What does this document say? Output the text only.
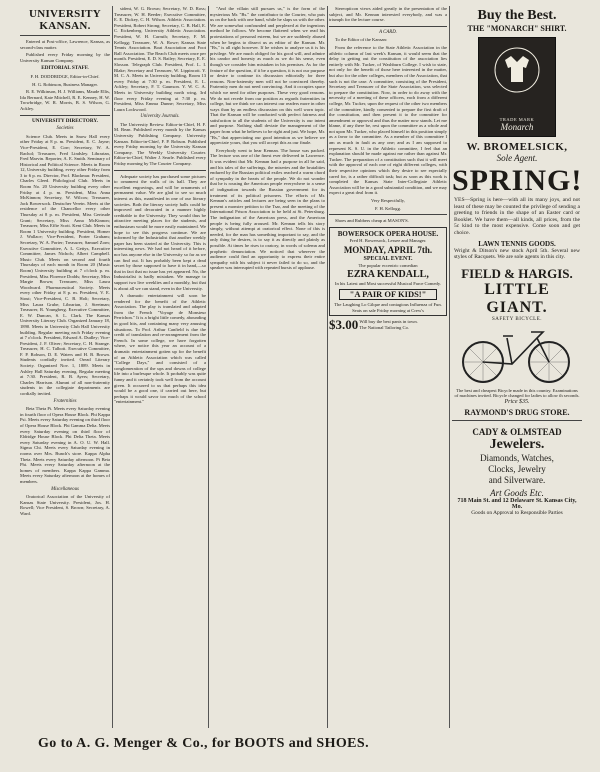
UNIVERSITY KANSAN.

Entered at Post-office, Lawrence, Kansas, as second-class matter.

Published every Friday morning by the University Kansan Company.

EDITORIAL STAFF.

F. H. DODDRIDGE, Editor-in-Chief.

H. G. Robinson, Business Manager.

R. E. Wilkinson, H. J. Williams, Maude Ellis, Ida Bernard, Kate Mitchell, R. E. Kenney, H. W. Trowbridge, W. R. Morris, B. S. Wilson, G. Ackley.

UNIVERSITY DIRECTORY.
Societies

Science Club. Meets in Snow Hall every other Friday at 8 p. m. President, E. C. Jayne; Vice-President, E. Corr; Secretary, W. A. Rachol; Treasurer, Fred Lindsley. Librarian, Fred Marvin. Reporter, A. E. Smith. Seminary of Historical and Political Science. Meets in Room 12, University building, every other Friday from 3 to 6 p. m. Director, Prof. Blackmar. President, Charles Gleed. Philological Club. Meets in Room No. 20 University building every other Friday at 4 p. m. President, Miss Anna McKinnon; Secretary, W. Wilcox; Treasurer, Jack Bowersock. Deutscher Verein. Meets at the residence of the Chancellor every other Thursday at 8 p. m. President, Miss Gertrude Grant; Secretary, Miss Anna McKinnon; Treasurer, Miss Effie Scott. Kent Club. Meets in Room 1 University building. President, Homer J. Wallace; Vice-President, Porter Graham; Secretary, W. A. Porter; Treasurer, Samuel Zorn; Executive Committee, A. L. Gettys, Executive Committee, James Nichols; Albert Campbell. Music Club. Meets on second and fourth Thursdays of each month in Room 20 (Music Room) University building at 7 o'clock p. m. President, Miss Florence Dodds; Secretary, Miss Margie Brown; Treasurer, Miss Laura Woodward. Pharmaceutical Society. Meets every other Friday at 8 p. m. President, V. E. Stout; Vice-President, C. B. Holt; Secretary, Miss Laura Grube, Librarian, J. Steetman; Treasurer, R. Youngberg. Executive Committee, E. W. Duncan, S. L. Clark. The Kansas University Literary Club. Organized January 18, 1890. Meets in University Club Hall University building. Regular meeting each Friday evening at 7 o'clock. President, Edward A. Dudley; Vice-President, J. F. Oliver; Secretary, C. H. Strange. Treasurer, H. C. Talbott. Executive Committee, F. P. Robson, D. E. Waters and H. B. Brown. Students cordially invited. Oread Literary Society. Organized Nov. 1, 1889. Meets in Ashley Hall Saturday evening. Regular meeting at 7:30. President, R. B. Ayers; Secretary, Charles Harrison. Alumni of all non-fraternity students in the collegiate departments are cordially invited.

Fraternities

Beta Theta Pi. Meets every Saturday evening in fourth floor of Opera House Block. Phi Kappa Psi. Meets every Saturday evening on third floor of Opera House Block. Phi Gamma Delta. Meets every Saturday evening on third floor of Eldridge House Block. Phi Delta Theta. Meets every Saturday evening in A. O. U. W. Hall. Sigma Chi. Meets every Saturday evening in rooms over Mrs. Bunch's store. Kappa Alpha Theta. Meets every Saturday afternoon. Pi Beta Phi. Meets every Saturday afternoon at the homes of members. Kappa Kappa Gamma. Meets every Saturday afternoon at the homes of members.

Miscellaneous

Oratorical Association of the University of Kansas State University. President, Jos. H. Rowell; Vice President, S. Brown; Secretary, A. Ward.

sident, W. G. Brown; Secretary, W. D. Ross; Treasurer, W. H. Beeder; Executive Committee, E. E. Dickey, C. H. Wilson. Athletic Association. President, Robert Strong; Secretary, C. B. Hall, E. C. Eickenberg. University Athletic Association. President, W. H. Carruth; Secretary, F. M. Kellogg; Treasurer, W. A. Rowe; Kansas State Tennis Association. Boat Association and Foot Ball Association. The Beach Club meets once per month. President, E. D. S. Bailey; Secretary, E. E. Slosson. Telegraph Club. President, Prof. L. I. Blake; Secretary and Treasurer, W. Lippincott. Y. M. C. A. Meets in University building, Room 13 every Friday at 7:30 p. m. President, E. L. Ackley; Secretary, F. T. Gaunson. Y. W. C. A. Meets in University building north wing, 3rd floor every Friday evening at 7:30 p. m. President, Miss Emma Dunne; Secretary, Miss Laura Lockwood.

University Journals.

The University Review. Editor-in-Chief, H. F. M. Bean. Published every month by the Kansas University Publishing Company. University Kansan. Editor-in-Chief, F. P. Robson. Published every Friday morning by the University Kansan Company. The Weekly University Courier. Editor-in-Chief, Walter J. Searle. Published every Friday morning by The Courier Company.

Adequate society has purchased some pictures to ornament the walls of its hall. They are excellent engravings, and will be ornaments of permanent value. We are glad to see so much interest as this, manifested in one of our literary societies. Both the literary society halls could be improved and decorated in a manner highly creditable to the University. They would thus be attractive meeting places for the students, and enthusiasm would be more easily maintained. We hope to see this progress continue. We are informed by the Industrialist that another weekly paper has been started at the University. This is interesting news. We had not heard of it before, nor has anyone else in the University so far as we can find out. It has probably been kept a dead secret by those supposed to have it in hand,—so that in fact that no issue has yet appeared. No, the Industrialist is badly mistaken. We manage to support two live weeklies and a monthly, but that is about all we can stand, even in the University.

A dramatic entertainment will soon be rendered for the benefit of the Athletic Association. The play is translated and adapted from the French "Voyage de Monsieur Perrichon." It is a bright little comedy, abounding in good hits, and containing many very amusing situations. To Prof. Arthur Canfield is due the credit of translation and re-arrangement from the French. In some college, we have forgotten where, we notice this year an account of a dramatic entertainment gotten up for the benefit of an Athletic Association which was called "College Days," and consisted of a conglomeration of the ups and downs of college life into a burlesque whole. It probably was quite funny and it certainly took well from the account given. It occurred to us that perhaps this idea would be a good one, if carried out here, but perhaps it would savor too much of the school "entertainment."

"And the villain still pursues us," is the form of the mysterious Mr. "Bs." the contributor to the Courier, who puts us on the back with one hand, while he slaps us with the other. We are somewhat confounded and perplexed at the ingenious method he follows. We become flattered when we read his protestations of personal esteem, but we are suddenly abased when he begins to dissect us as editor of the Kansan. Mr. "Bs," is all right however. If he wishes to analyze us it is his privilege. We are much obliged for his good will, and admire his candor and honesty as much as we do his sense, even though we consider him mistaken in his premises. As for the feature of the question, if it be a question, it is not our purpose or desire to continue its discussion editorially for three reasons. Non-fraternity men will not be convinced thereby. Fraternity men do not need convincing. And it occupies space which we need for other purposes. These very good reasons. We do not recede from our position as regards fraternities in college, but we think we can interest our readers more in other ways than by an endless discussion on this well worn topic. That the Kansan will be conducted with perfect fairness and satisfaction to all the students of the University is our intent and purpose. Nothing shall deviate the management of the paper from what he believes to be right and just. We hope, Mr. "Bs," that appreciating our good intention as we believe we appreciate yours, that you will accept this as our finale.

Everybody went to hear Kennan. The house was packed. The lecture was one of the finest ever delivered in Lawrence. It was evident that Mr. Kennan had a purpose in all he said, and his tales of the sufferings, the miseries and the brutalities endured by the Russian political exiles reached a warm chord of sympathy in the hearts of the people. We do not wonder that he is rousing the American people everywhere to a sense of indignation towards the Russian government for its treatment of its political prisoners. The efforts of Mr. Kennan's articles and lectures are being seen in the plans to present a monster petition to the Tsar, and the meeting of the International Prison Association to be held at St. Petersburg. The indignation of the American press, and the American people is being fully aroused. Mr. Kennan tells his story simply, without attempt at oratorical effect. None of this is needed, for the man has something important to say, and the only thing he desires, is to say it as directly and plainly as possible. At times he rises to oratory, in words of solemn and prophetic denunciation. We noticed that wherever the audience could find an opportunity to express their entire sympathy with his subject it never failed to do so, and the speaker was interrupted with repeated bursts of applause.

Stereopticon views aided greatly in the presentation of the subject, and Mr. Kennan interested everybody, and was a triumph for the lecture course.

A CARD.

To the Editor of the Kansan:

From the reference to the State Athletic Association in the athletic column of last week's Kansan, it would seem that the delay in getting out the constitution of the association lies entirely with Mr. Tucker, of Washburn College. I wish to state, not only for the benefit of those here interested in the matter, but also for the other colleges, members of the Association, that such is not the case. A committee, consisting of the President, Secretary and Treasurer of the State Association, was selected to prepare the constitution. Now, in order to do away with the necessity of a meeting of these officers, each from a different college, Mr. Tucker, upon the request of the other two members of the committee, kindly consented to prepare the first draft of the constitution, and then present it to the committee for amendment or approval and thus the matter now stands. Let me blame, if any there be, rest upon the committee as a whole and not upon Mr. Tucker, who placed himself in this position simply as a favor to the committee. As a member of this committee I am as much in fault as any one; and as I am supposed to represent K. S. U. in the Athletic committee, I feel that an explanation should be made against me rather than against Mr. Tucker. The preparation of a constitution such that it will meet with the approval of each one of eight different colleges, with their respective opinions which they desire to see especially cared for, is a rather difficult task; but as soon as this work is completed the Kansas State Inter-Collegiate Athletic Association will be in a good substantial condition, and we may expect a great deal from it.

Very Respectfully,

F. H. Kellogg.

Shoes and Rubbers cheap at MASON'S.

BOWERSOCK OPERA HOUSE.
Fred H. Bowersock, Lessee and Manager.
MONDAY, APRIL 7th.
SPECIAL EVENT.
The popular eccentric comedian
EZRA KENDALL,
In his Latest and Most successful Musical Farce Comedy.
"A PAIR OF KIDS!"
The Laughing Lo Gilque and contagious Influenza of Fun.
Seats on sale Friday morning at Crew's
$3.00 Will buy the best pants in town. The National Tailoring Co.
Buy the Best.
THE "MONARCH" SHIRT.
TRADE MARK
Monarch
W. BROMELSICK,
Sole Agent.
SPRING!
YES—Spring is here—with all its many joys, and not least of these may be counted the privilege of sending a greeting to friends in the shape of an Easter card or Booklet. We have them—all kinds, all prices, from the 5c kind to the most expensive. Come soon and get choice.
LAWN TENNIS GOODS.
Wright & Ditson's new stock April 5th. Several new styles of Racquets. We are sole agents in this city.
FIELD & HARGIS.
LITTLE GIANT.
SAFETY BICYCLE.
The best and cheapest Bicycle made in this country. Examinations of machines invited. Bicycle changed for ladies to allow th seconds.
Price $35.
RAYMOND'S DRUG STORE.
CADY & OLMSTEAD
Jewelers.
Diamonds, Watches,
Clocks, Jewelry
and Silverware.
Art Goods Etc.
718 Main St. and 12 Delaware St. Kansas City, Mo.
Goods on Approval to Responsible Parties
Go to A. G. Menger & Co., for BOOTS and SHOES.
